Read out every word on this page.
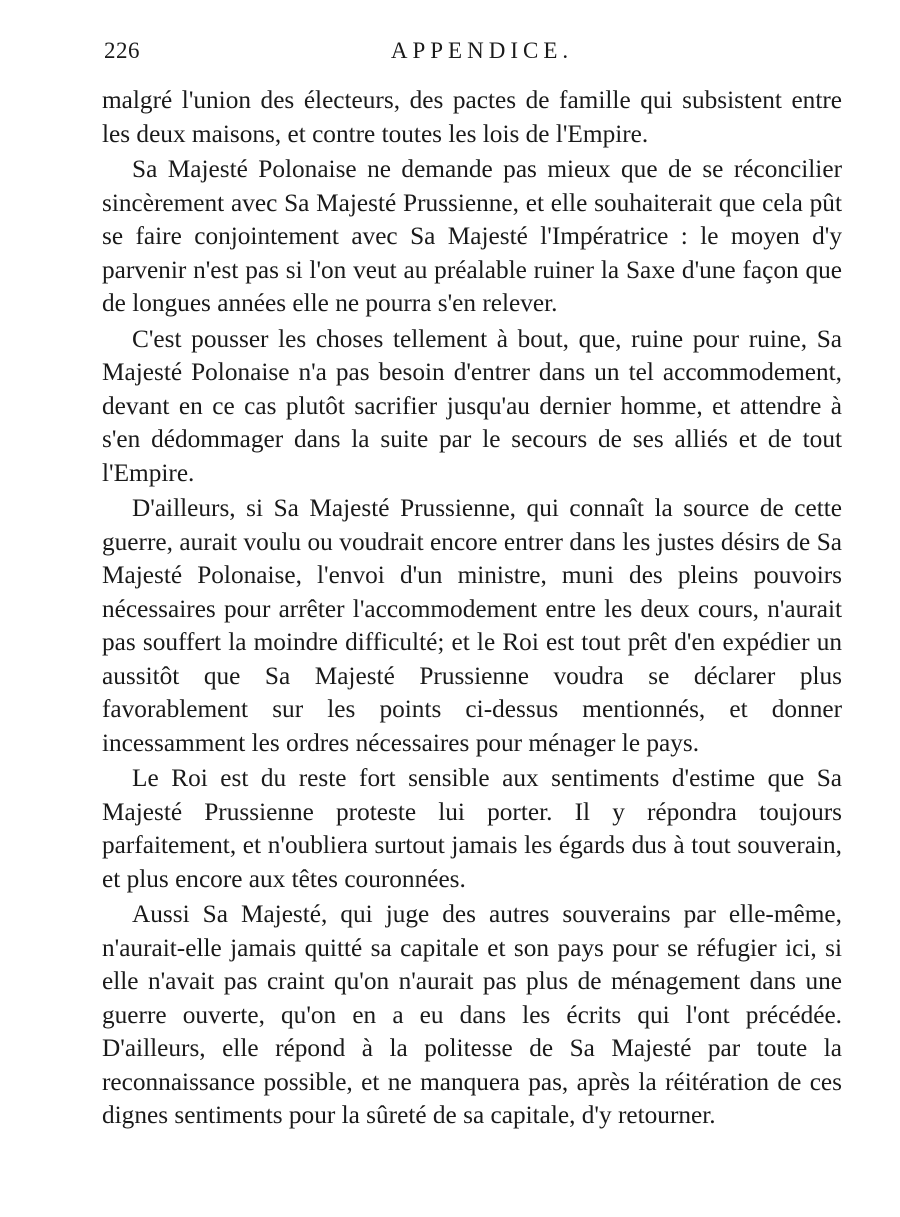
226	APPENDICE.

malgré l'union des électeurs, des pactes de famille qui subsistent entre les deux maisons, et contre toutes les lois de l'Empire.

Sa Majesté Polonaise ne demande pas mieux que de se réconcilier sincèrement avec Sa Majesté Prussienne, et elle souhaiterait que cela pût se faire conjointement avec Sa Majesté l'Impératrice : le moyen d'y parvenir n'est pas si l'on veut au préalable ruiner la Saxe d'une façon que de longues années elle ne pourra s'en relever.

C'est pousser les choses tellement à bout, que, ruine pour ruine, Sa Majesté Polonaise n'a pas besoin d'entrer dans un tel accommodement, devant en ce cas plutôt sacrifier jusqu'au dernier homme, et attendre à s'en dédommager dans la suite par le secours de ses alliés et de tout l'Empire.

D'ailleurs, si Sa Majesté Prussienne, qui connaît la source de cette guerre, aurait voulu ou voudrait encore entrer dans les justes désirs de Sa Majesté Polonaise, l'envoi d'un ministre, muni des pleins pouvoirs nécessaires pour arrêter l'accommodement entre les deux cours, n'aurait pas souffert la moindre difficulté; et le Roi est tout prêt d'en expédier un aussitôt que Sa Majesté Prussienne voudra se déclarer plus favorablement sur les points ci-dessus mentionnés, et donner incessamment les ordres nécessaires pour ménager le pays.

Le Roi est du reste fort sensible aux sentiments d'estime que Sa Majesté Prussienne proteste lui porter. Il y répondra toujours parfaitement, et n'oubliera surtout jamais les égards dus à tout souverain, et plus encore aux têtes couronnées.

Aussi Sa Majesté, qui juge des autres souverains par elle-même, n'aurait-elle jamais quitté sa capitale et son pays pour se réfugier ici, si elle n'avait pas craint qu'on n'aurait pas plus de ménagement dans une guerre ouverte, qu'on en a eu dans les écrits qui l'ont précédée. D'ailleurs, elle répond à la politesse de Sa Majesté par toute la reconnaissance possible, et ne manquera pas, après la réitération de ces dignes sentiments pour la sûreté de sa capitale, d'y retourner.
